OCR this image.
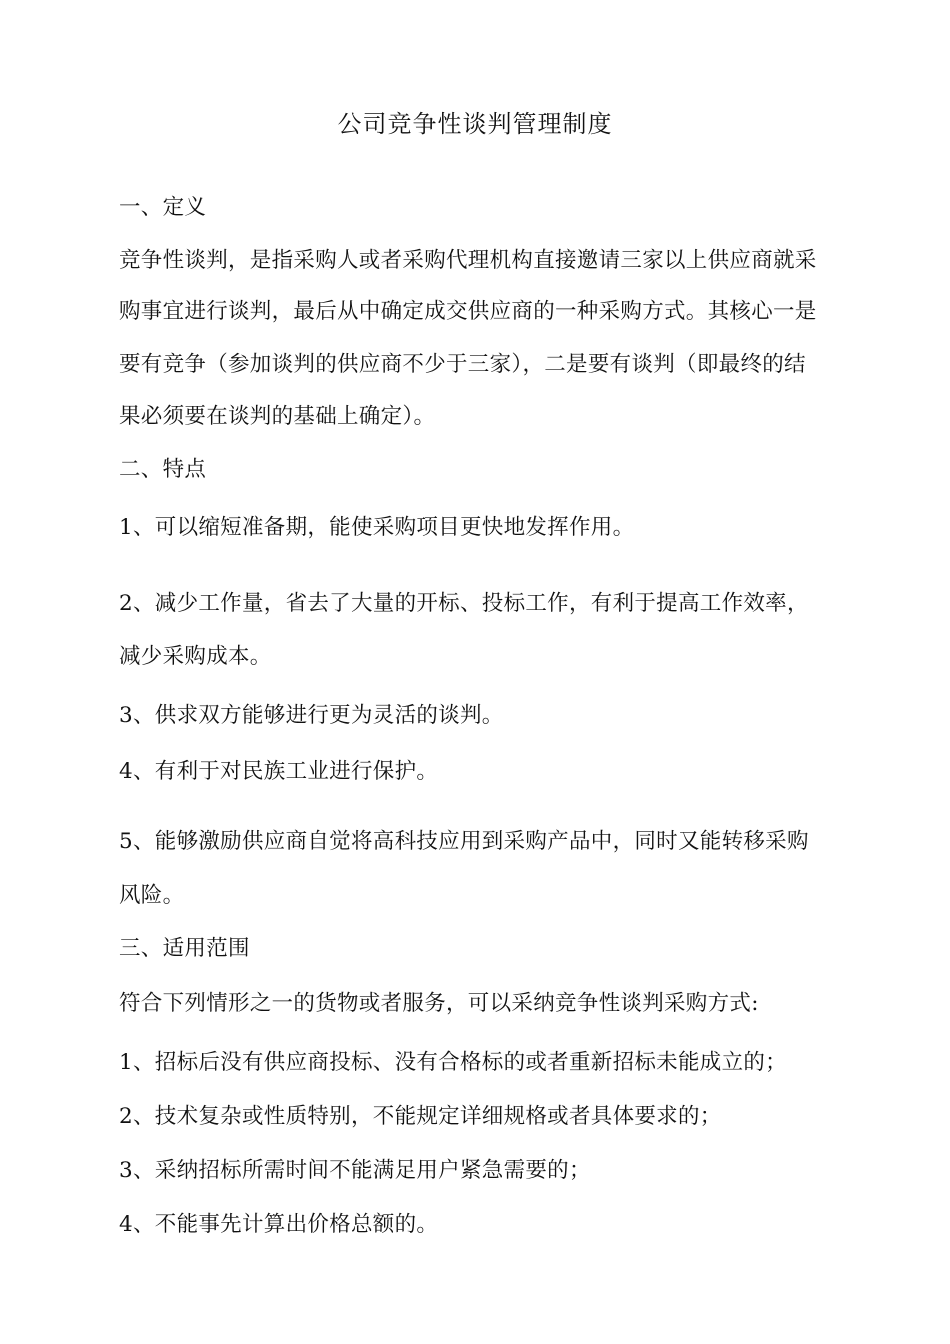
公司竞争性谈判管理制度
一、定义
竞争性谈判，是指采购人或者采购代理机构直接邀请三家以上供应商就采
购事宜进行谈判，最后从中确定成交供应商的一种采购方式。其核心一是
要有竞争（参加谈判的供应商不少于三家），二是要有谈判（即最终的结
果必须要在谈判的基础上确定）。
二、特点
1、可以缩短准备期，能使采购项目更快地发挥作用。
2、减少工作量，省去了大量的开标、投标工作，有利于提高工作效率，
减少采购成本。
3、供求双方能够进行更为灵活的谈判。
4、有利于对民族工业进行保护。
5、能够激励供应商自觉将高科技应用到采购产品中，同时又能转移采购
风险。
三、适用范围
符合下列情形之一的货物或者服务，可以采纳竞争性谈判采购方式:
1、招标后没有供应商投标、没有合格标的或者重新招标未能成立的；
2、技术复杂或性质特别，不能规定详细规格或者具体要求的；
3、采纳招标所需时间不能满足用户紧急需要的；
4、不能事先计算出价格总额的。
